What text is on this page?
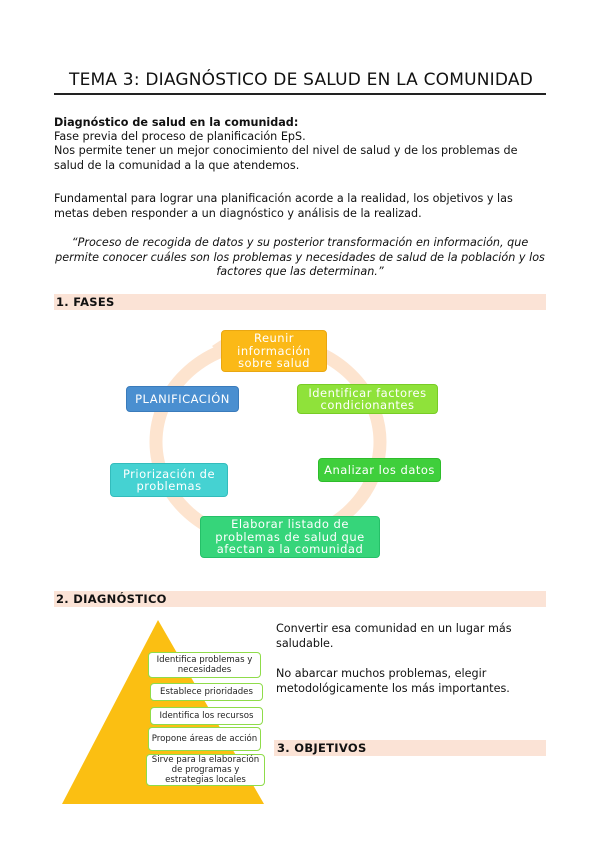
TEMA 3: DIAGNÓSTICO DE SALUD EN LA COMUNIDAD
Diagnóstico de salud en la comunidad:
Fase previa del proceso de planificación EpS.
Nos permite tener un mejor conocimiento del nivel de salud y de los problemas de salud de la comunidad a la que atendemos.
Fundamental para lograr una planificación acorde a la realidad, los objetivos y las metas deben responder a un diagnóstico y análisis de la realizad.
“Proceso de recogida de datos y su posterior transformación en información, que permite conocer cuáles son los problemas y necesidades de salud de la población y los factores que las determinan.”
1. FASES
Reunir información sobre salud
Identificar factores condicionantes
Analizar los datos
Elaborar listado de problemas de salud que afectan a la comunidad
Priorización de problemas
PLANIFICACIÓN
2. DIAGNÓSTICO
Identifica problemas y necesidades
Establece prioridades
Identifica los recursos
Propone áreas de acción
Sirve para la elaboración de programas y estrategias locales
Convertir esa comunidad en un lugar más saludable.
No abarcar muchos problemas, elegir metodológicamente los más importantes.
3. OBJETIVOS
